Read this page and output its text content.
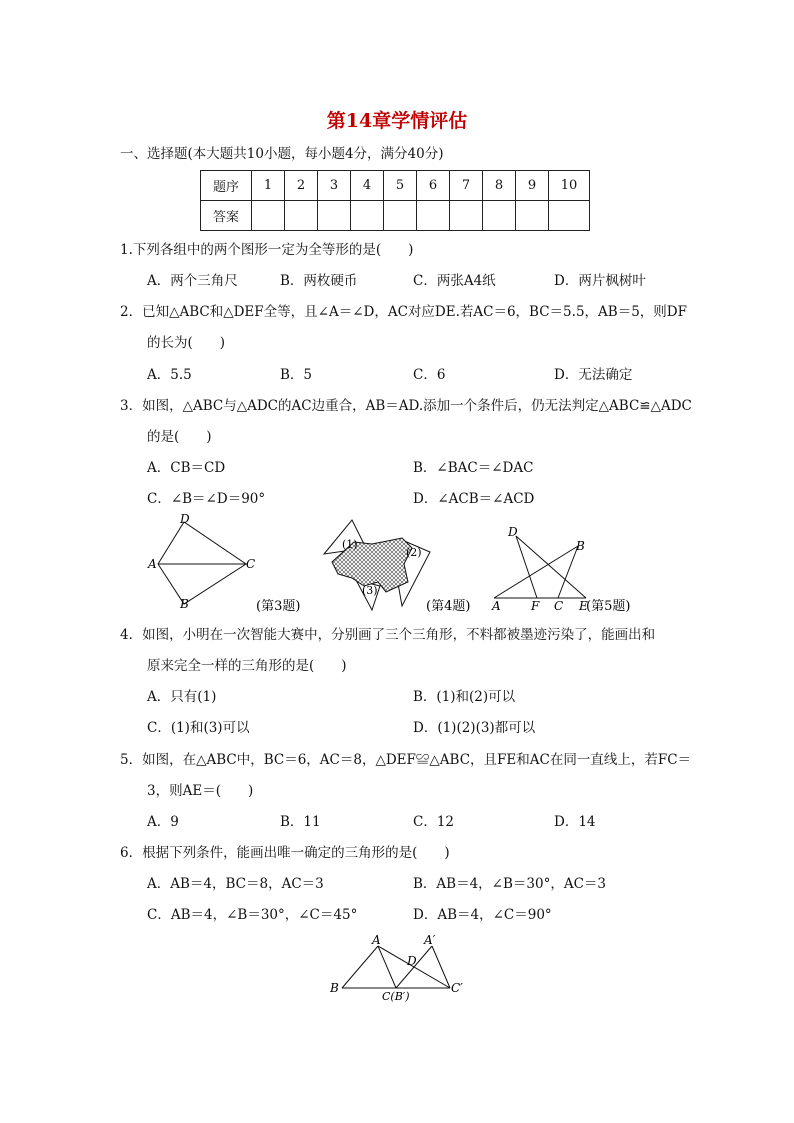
第14章学情评估
一、选择题(本大题共10小题，每小题4分，满分40分)
题序	1	2	3	4	5	6	7	8	9	10
答案										
1.下列各组中的两个图形一定为全等形的是(　　)
A．两个三角尺	B．两枚硬币	C．两张A4纸	D．两片枫树叶
2．已知△ABC和△DEF全等，且∠A＝∠D，AC对应DE.若AC＝6，BC＝5.5，AB＝5，则DF
的长为(　　)
A．5.5	B．5	C．6	D．无法确定
3．如图，△ABC与△ADC的AC边重合，AB＝AD.添加一个条件后，仍无法判定△ABC≌△ADC
的是(　　)
A．CB＝CD	B．∠BAC＝∠DAC
C．∠B＝∠D＝90°	D．∠ACB＝∠ACD
D
A	C
B	(第3题)
(1)
(2)
(3)
(第4题)
D
B
A	F C E
(第5题)
4．如图，小明在一次智能大赛中，分别画了三个三角形，不料都被墨迹污染了，能画出和
原来完全一样的三角形的是(　　)
A．只有(1)	B．(1)和(2)可以
C．(1)和(3)可以	D．(1)(2)(3)都可以
5．如图，在△ABC中，BC＝6，AC＝8，△DEF≌△ABC，且FE和AC在同一直线上，若FC＝
3，则AE＝(　　)
A．9	B．11	C．12	D．14
6．根据下列条件，能画出唯一确定的三角形的是(　　)
A．AB＝4，BC＝8，AC＝3	B．AB＝4，∠B＝30°，AC＝3
C．AB＝4，∠B＝30°，∠C＝45°	D．AB＝4，∠C＝90°
A	A′
D
B
C(B′)
C′
